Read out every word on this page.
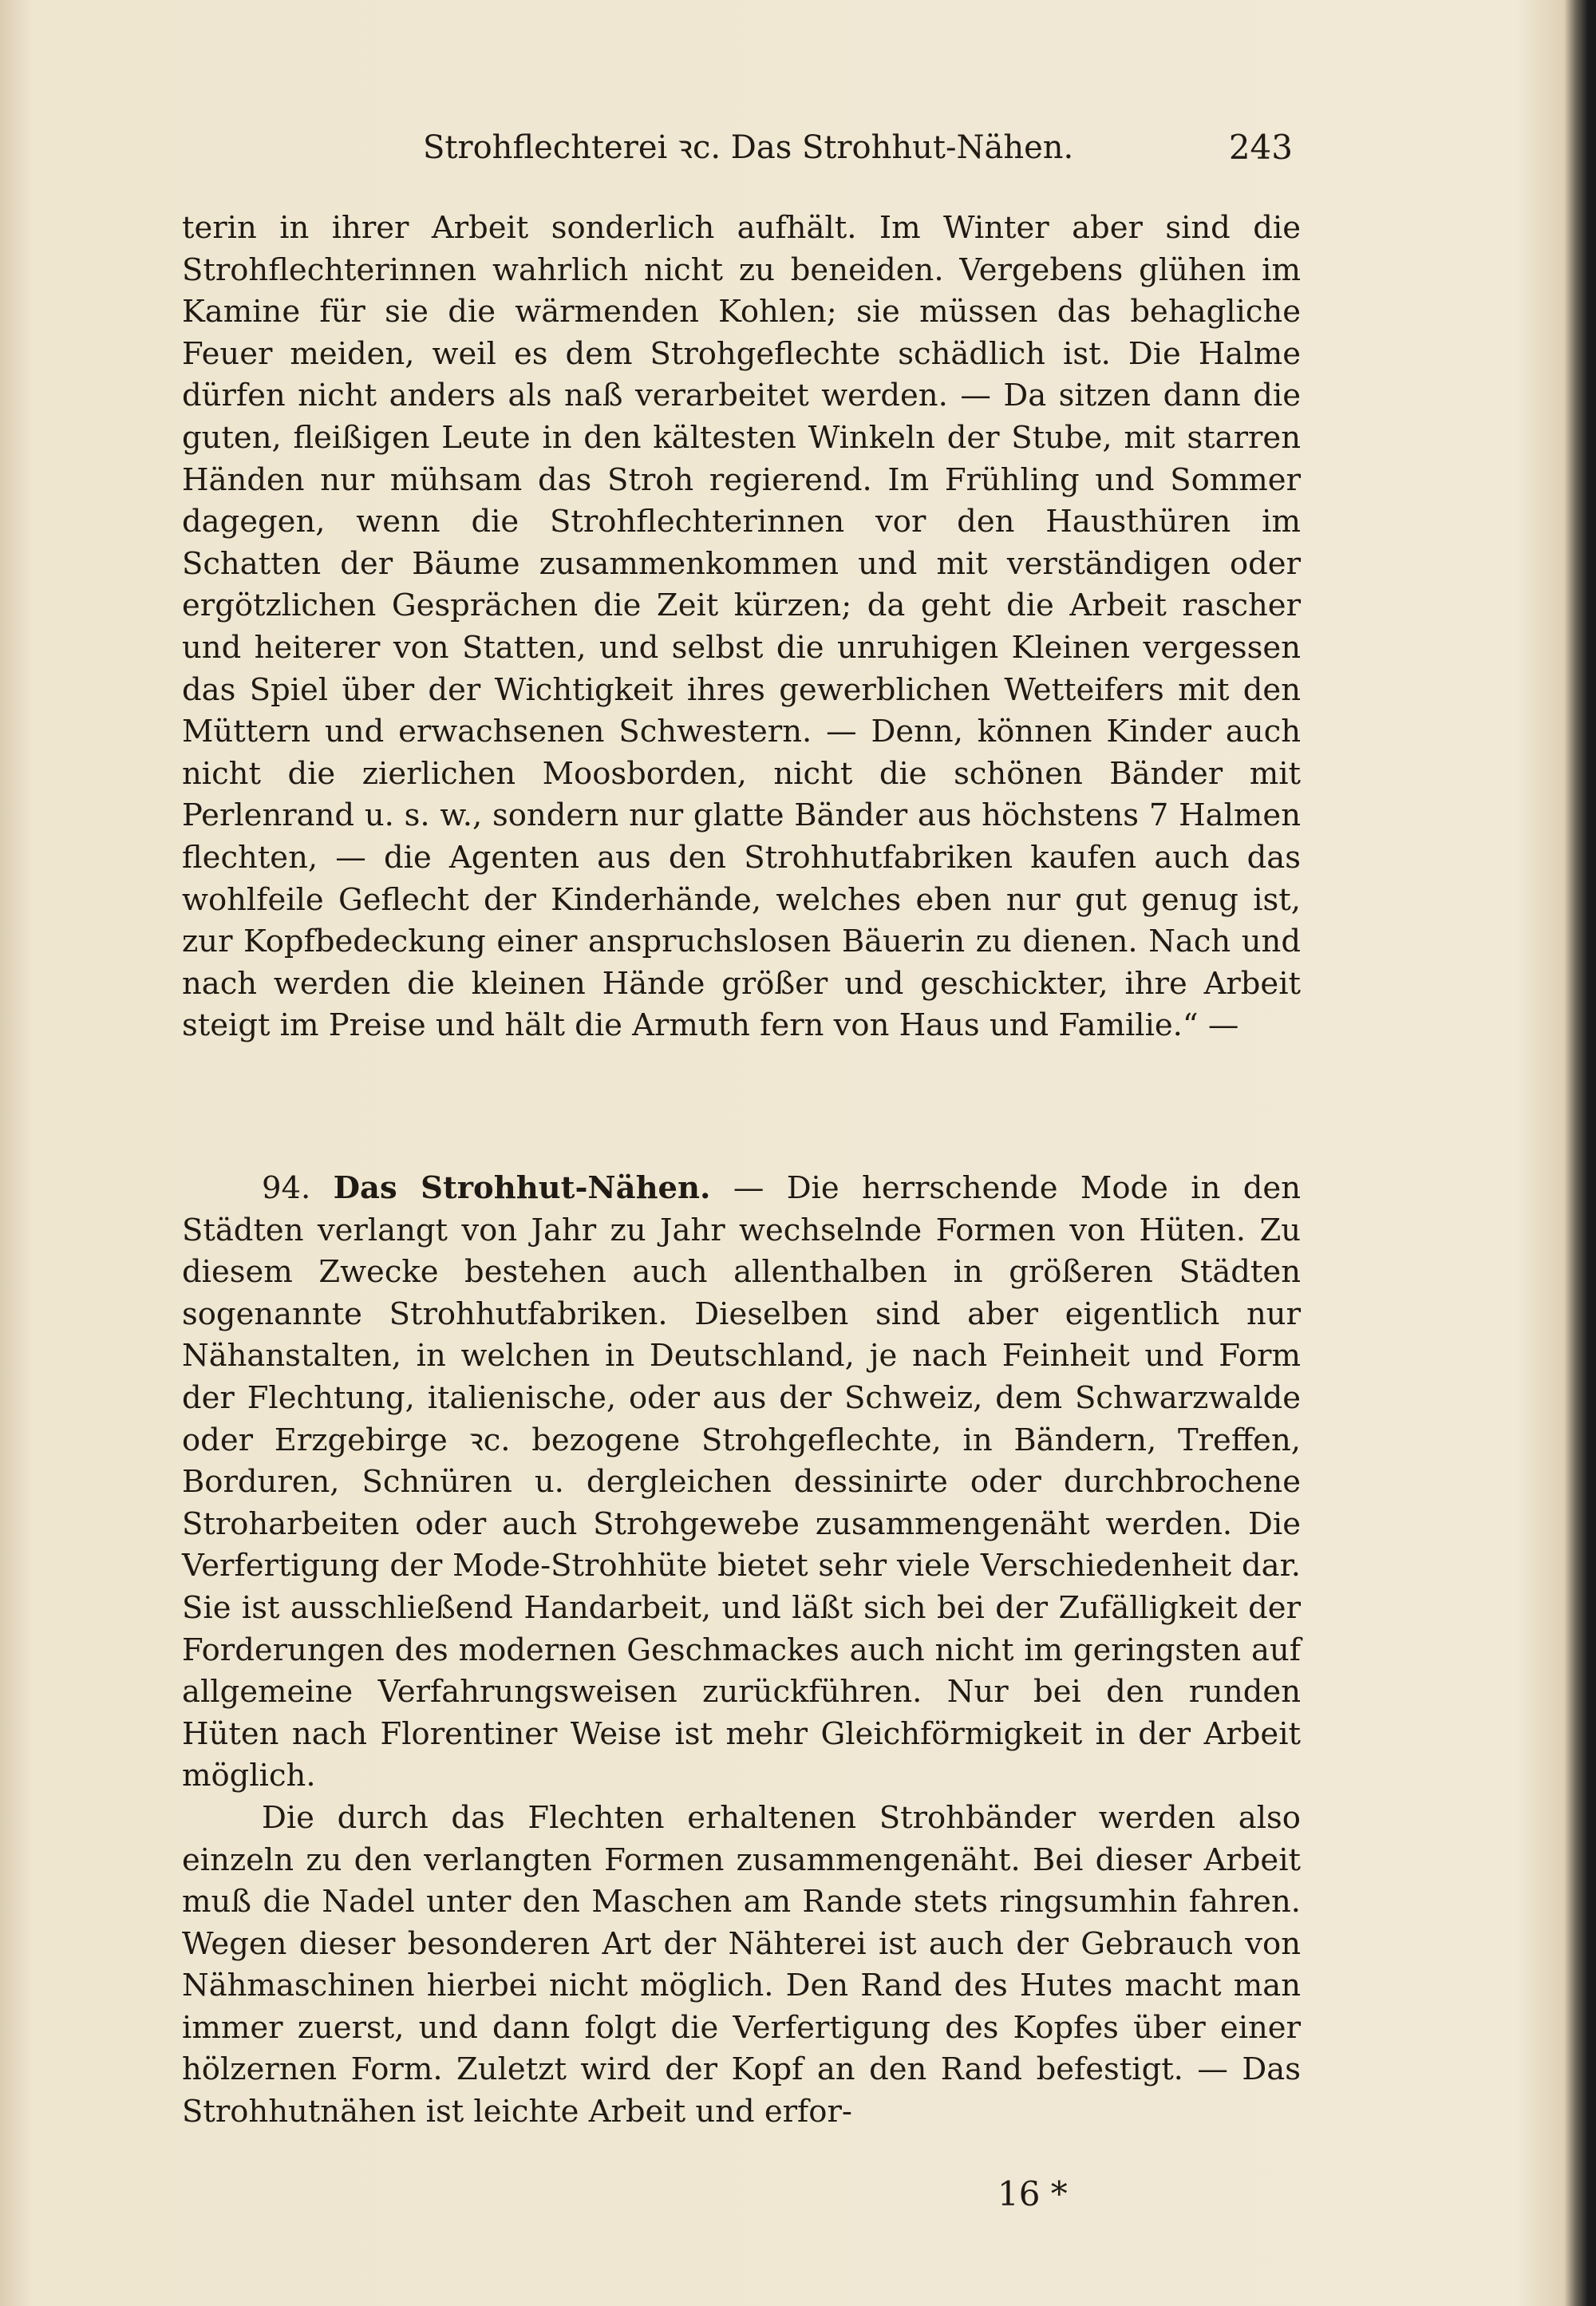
Strohflechterei ꝛc. Das Strohhut-Nähen.	243

terin in ihrer Arbeit sonderlich aufhält. Im Winter aber sind die Strohflechterinnen wahrlich nicht zu beneiden. Vergebens glühen im Kamine für sie die wärmenden Kohlen; sie müssen das behagliche Feuer meiden, weil es dem Strohgeflechte schädlich ist. Die Halme dürfen nicht anders als naß verarbeitet werden. — Da sitzen dann die guten, fleißigen Leute in den kältesten Winkeln der Stube, mit starren Händen nur mühsam das Stroh regierend. Im Frühling und Sommer dagegen, wenn die Strohflechterinnen vor den Hausthüren im Schatten der Bäume zusammenkommen und mit verständigen oder ergötzlichen Gesprächen die Zeit kürzen; da geht die Arbeit rascher und heiterer von Statten, und selbst die unruhigen Kleinen vergessen das Spiel über der Wichtigkeit ihres gewerblichen Wetteifers mit den Müttern und erwachsenen Schwestern. — Denn, können Kinder auch nicht die zierlichen Moosborden, nicht die schönen Bänder mit Perlenrand u. s. w., sondern nur glatte Bänder aus höchstens 7 Halmen flechten, — die Agenten aus den Strohhutfabriken kaufen auch das wohlfeile Geflecht der Kinderhände, welches eben nur gut genug ist, zur Kopfbedeckung einer anspruchslosen Bäuerin zu dienen. Nach und nach werden die kleinen Hände größer und geschickter, ihre Arbeit steigt im Preise und hält die Armuth fern von Haus und Familie.“ —

94. Das Strohhut-Nähen. — Die herrschende Mode in den Städten verlangt von Jahr zu Jahr wechselnde Formen von Hüten. Zu diesem Zwecke bestehen auch allenthalben in größeren Städten sogenannte Strohhutfabriken. Dieselben sind aber eigentlich nur Nähanstalten, in welchen in Deutschland, je nach Feinheit und Form der Flechtung, italienische, oder aus der Schweiz, dem Schwarzwalde oder Erzgebirge ꝛc. bezogene Strohgeflechte, in Bändern, Treffen, Borduren, Schnüren u. dergleichen dessinirte oder durchbrochene Stroharbeiten oder auch Strohgewebe zusammengenäht werden. Die Verfertigung der Mode-Strohhüte bietet sehr viele Verschiedenheit dar. Sie ist ausschließend Handarbeit, und läßt sich bei der Zufälligkeit der Forderungen des modernen Geschmackes auch nicht im geringsten auf allgemeine Verfahrungsweisen zurückführen. Nur bei den runden Hüten nach Florentiner Weise ist mehr Gleichförmigkeit in der Arbeit möglich.

Die durch das Flechten erhaltenen Strohbänder werden also einzeln zu den verlangten Formen zusammengenäht. Bei dieser Arbeit muß die Nadel unter den Maschen am Rande stets ringsumhin fahren. Wegen dieser besonderen Art der Nähterei ist auch der Gebrauch von Nähmaschinen hierbei nicht möglich. Den Rand des Hutes macht man immer zuerst, und dann folgt die Verfertigung des Kopfes über einer hölzernen Form. Zuletzt wird der Kopf an den Rand befestigt. — Das Strohhutnähen ist leichte Arbeit und erfor-

16 *
